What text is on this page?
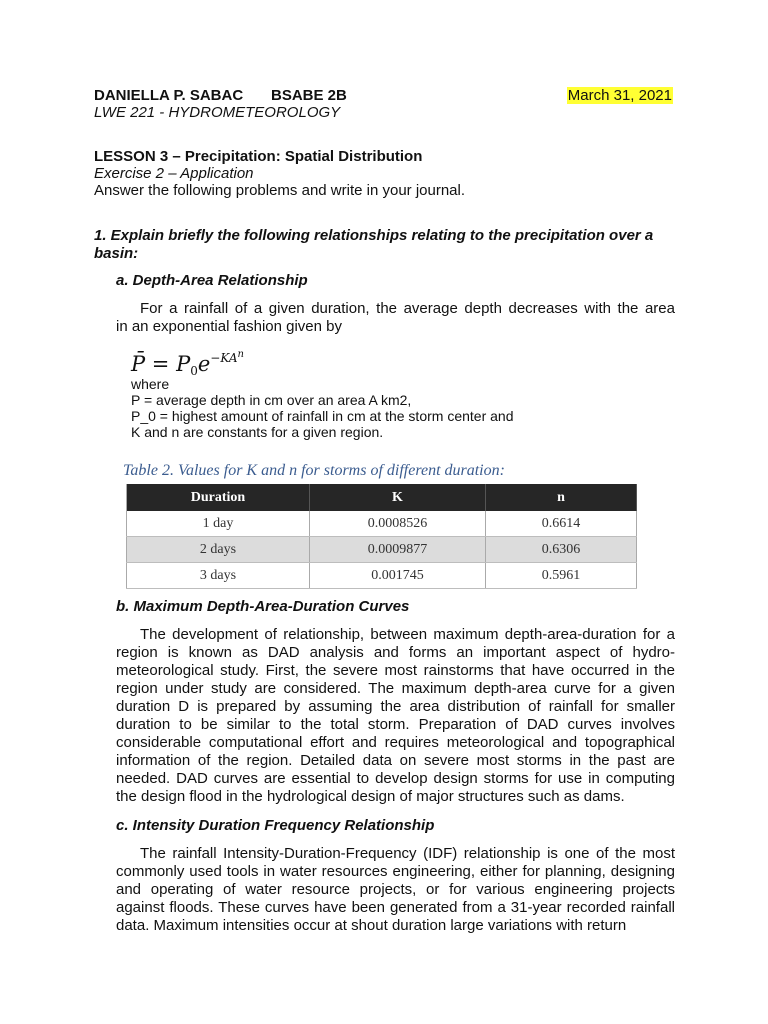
DANIELLA P. SABAC BSABE 2B	March 31, 2021
LWE 221 - HYDROMETEOROLOGY
LESSON 3 – Precipitation: Spatial Distribution
Exercise 2 – Application
Answer the following problems and write in your journal.
1. Explain briefly the following relationships relating to the precipitation over a
basin:
a. Depth-Area Relationship
For a rainfall of a given duration, the average depth decreases with the area
in an exponential fashion given by
P̄ = $P_0e^{-KAn}$
where
P = average depth in cm over an area A km2,
P_0 = highest amount of rainfall in cm at the storm center and
K and n are constants for a given region.
Table 2. Values for K and n for storms of different duration:
Duration	K	n
1 day	0.0008526	0.6614
2 days	0.0009877	0.6306
3 days	0.001745	0.5961
b. Maximum Depth-Area-Duration Curves
The development of relationship, between maximum depth-area-duration for a
region is known as DAD analysis and forms an important aspect of hydro-
meteorological study. First, the severe most rainstorms that have occurred in the
region under study are considered. The maximum depth-area curve for a given
duration D is prepared by assuming the area distribution of rainfall for smaller
duration to be similar to the total storm. Preparation of DAD curves involves
considerable computational effort and requires meteorological and topographical
information of the region. Detailed data on severe most storms in the past are
needed. DAD curves are essential to develop design storms for use in computing
the design flood in the hydrological design of major structures such as dams.
c. Intensity Duration Frequency Relationship
The rainfall Intensity-Duration-Frequency (IDF) relationship is one of the most
commonly used tools in water resources engineering, either for planning, designing
and operating of water resource projects, or for various engineering projects
against floods. These curves have been generated from a 31-year recorded rainfall
data. Maximum intensities occur at shout duration large variations with return
